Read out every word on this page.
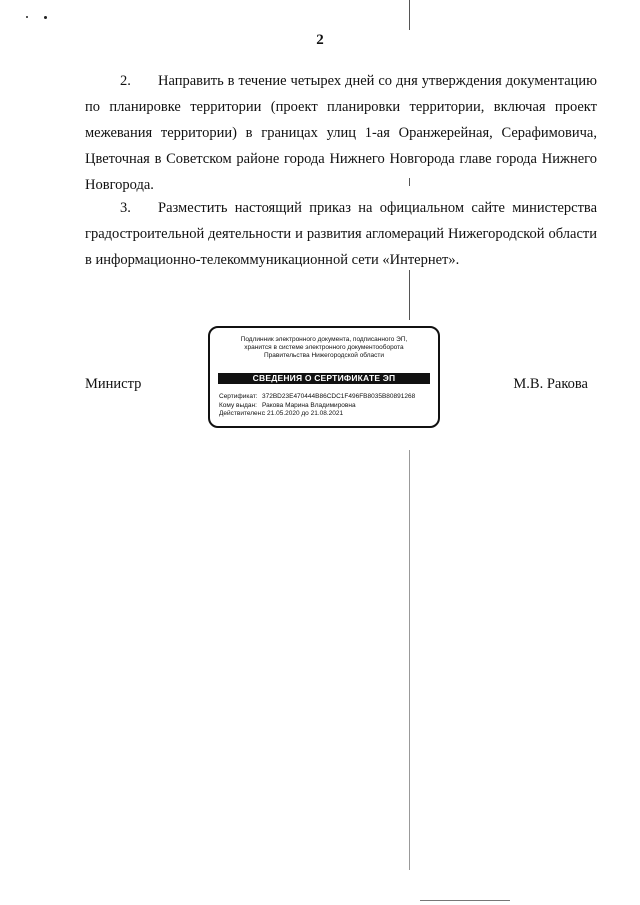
2
2. Направить в течение четырех дней со дня утверждения документацию по планировке территории (проект планировки территории, включая проект межевания территории) в границах улиц 1-ая Оранжерейная, Серафимовича, Цветочная в Советском районе города Нижнего Новгорода главе города Нижнего Новгорода.
3. Разместить настоящий приказ на официальном сайте министерства градостроительной деятельности и развития агломераций Нижегородской области в информационно-телекоммуникационной сети «Интернет».
Министр	М.В. Ракова
Подлинник электронного документа, подписанного ЭП,
хранится в системе электронного документооборота
Правительства Нижегородской области
СВЕДЕНИЯ О СЕРТИФИКАТЕ ЭП
Сертификат: 372BD23E470444B86CDC1F496FB8035B80891268
Кому выдан: Ракова Марина Владимировна
Действителен:с 21.05.2020 до 21.08.2021
